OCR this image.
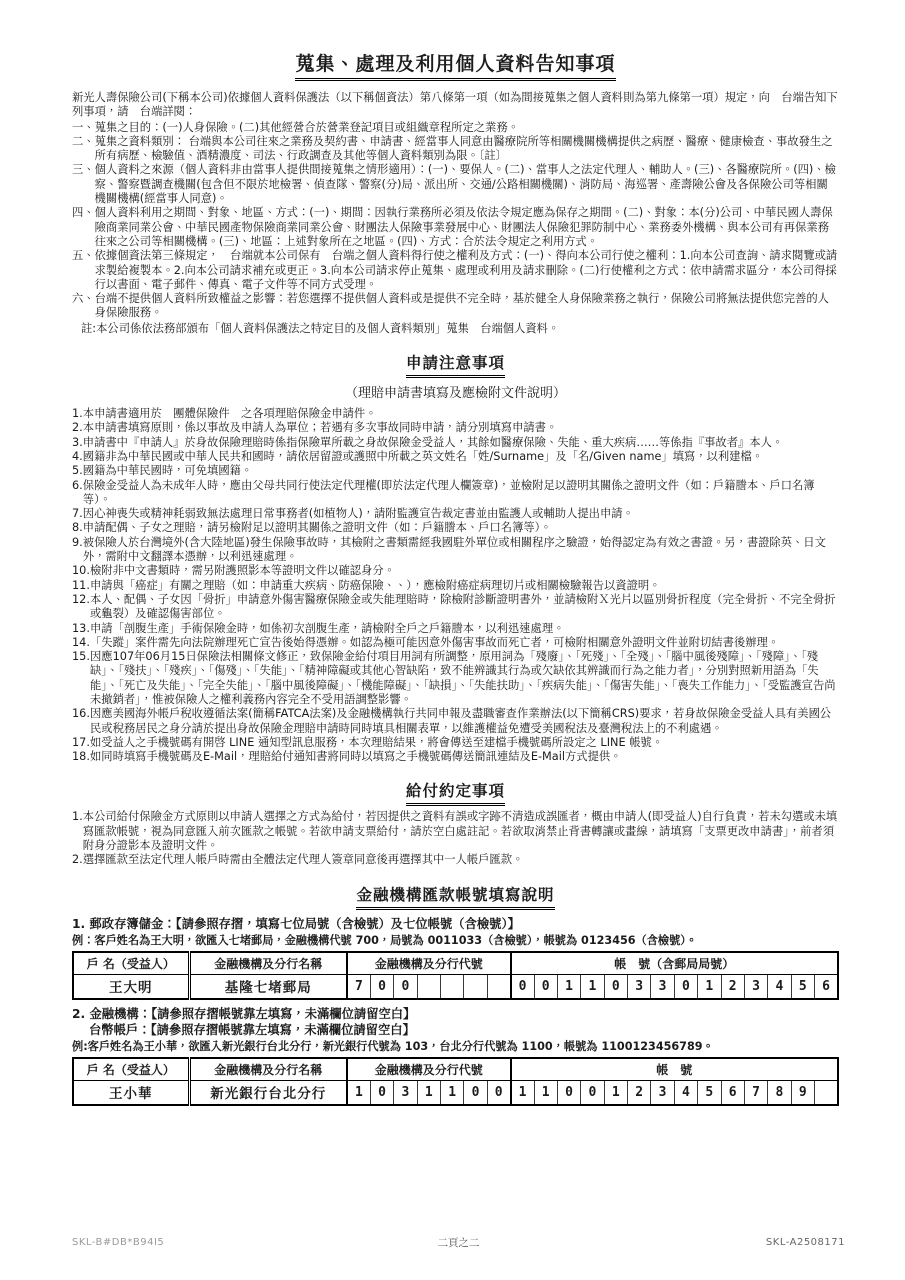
蒐集、處理及利用個人資料告知事項

新光人壽保險公司(下稱本公司)依據個人資料保護法（以下稱個資法）第八條第一項（如為間接蒐集之個人資料則為第九條第一項）規定，向　台端告知下列事項，請　台端詳閱：

一、 蒐集之目的：(一)人身保險。(二)其他經營合於營業登記項目或組織章程所定之業務。
二、 蒐集之資料類別： 台端與本公司往來之業務及契約書、申請書、經當事人同意由醫療院所等相關機關機構提供之病歷、醫療、健康檢查、事故發生之所有病歷、檢驗值、酒精濃度、司法、行政調查及其他等個人資料類別為限。〔註〕
三、 個人資料之來源（個人資料非由當事人提供間接蒐集之情形適用）：(一)、要保人。(二)、當事人之法定代理人、輔助人。(三)、各醫療院所。(四)、檢察、警察暨調查機關(包含但不限於地檢署、偵查隊、警察(分)局、派出所、交通/公路相關機關)、消防局、海巡署、產壽險公會及各保險公司等相關機關機構(經當事人同意)。
四、 個人資料利用之期間、對象、地區、方式：(一)、期間：因執行業務所必須及依法令規定應為保存之期間。(二)、對象：本(分)公司、中華民國人壽保險商業同業公會、中華民國產物保險商業同業公會、財團法人保險事業發展中心、財團法人保險犯罪防制中心、業務委外機構、與本公司有再保業務往來之公司等相關機構。(三)、地區：上述對象所在之地區。(四)、方式：合於法令規定之利用方式。
五、 依據個資法第三條規定，　台端就本公司保有　台端之個人資料得行使之權利及方式：(一)、得向本公司行使之權利：1.向本公司查詢、請求閱覽或請求製給複製本。2.向本公司請求補充或更正。3.向本公司請求停止蒐集、處理或利用及請求刪除。(二)行使權利之方式：依申請需求區分，本公司得採行以書面、電子郵件、傳真、電子文件等不同方式受理。
六、 台端不提供個人資料所致權益之影響：若您選擇不提供個人資料或是提供不完全時，基於健全人身保險業務之執行，保險公司將無法提供您完善的人身保險服務。

註:本公司係依法務部頒布「個人資料保護法之特定目的及個人資料類別」蒐集　台端個人資料。

申請注意事項

（理賠申請書填寫及應檢附文件說明）

1. 本申請書適用於　團體保險件　之各項理賠保險金申請件。
2. 本申請書填寫原則，係以事故及申請人為單位；若遇有多次事故同時申請，請分別填寫申請書。
3. 申請書中『申請人』於身故保險理賠時係指保險單所載之身故保險金受益人，其餘如醫療保險、失能、重大疾病……等係指『事故者』本人。
4. 國籍非為中華民國或中華人民共和國時，請依居留證或護照中所載之英文姓名「姓/Surname」及「名/Given name」填寫，以利建檔。
5. 國籍為中華民國時，可免填國籍。
6. 保險金受益人為未成年人時，應由父母共同行使法定代理權(即於法定代理人欄簽章)，並檢附足以證明其關係之證明文件（如：戶籍謄本、戶口名簿等）。
7. 因心神喪失或精神耗弱致無法處理日常事務者(如植物人)，請附監護宣告裁定書並由監護人或輔助人提出申請。
8. 申請配偶、子女之理賠，請另檢附足以證明其關係之證明文件（如：戶籍謄本、戶口名簿等）。
9. 被保險人於台灣境外(含大陸地區)發生保險事故時，其檢附之書類需經我國駐外單位或相關程序之驗證，始得認定為有效之書證。另，書證除英、日文外，需附中文翻譯本憑辦，以利迅速處理。
10. 檢附非中文書類時，需另附護照影本等證明文件以確認身分。
11. 申請與「癌症」有關之理賠（如：申請重大疾病、防癌保險、、），應檢附癌症病理切片或相關檢驗報告以資證明。
12. 本人、配偶、子女因「骨折」申請意外傷害醫療保險金或失能理賠時，除檢附診斷證明書外，並請檢附Ｘ光片以區別骨折程度（完全骨折、不完全骨折或龜裂）及確認傷害部位。
13. 申請「剖腹生產」手術保險金時，如係初次剖腹生產，請檢附全戶之戶籍謄本，以利迅速處理。
14. 「失蹤」案件需先向法院辦理死亡宣告後始得憑辦。如認為極可能因意外傷害事故而死亡者，可檢附相關意外證明文件並附切結書後辦理。
15. 因應107年06月15日保險法相關條文修正，致保險金給付項目用詞有所調整，原用詞為「殘廢」、「死殘」、「全殘」、「腦中風後殘障」、「殘障」、「殘缺」、「殘扶」、「殘疾」、「傷殘」、「失能」、「精神障礙或其他心智缺陷，致不能辨識其行為或欠缺依其辨識而行為之能力者」，分別對照新用語為「失能」、「死亡及失能」、「完全失能」、「腦中風後障礙」、「機能障礙」、「缺損」、「失能扶助」、「疾病失能」、「傷害失能」、「喪失工作能力」、「受監護宣告尚未撤銷者」，惟被保險人之權利義務內容完全不受用語調整影響。
16. 因應美國海外帳戶稅收遵循法案(簡稱FATCA法案)及金融機構執行共同申報及盡職審查作業辦法(以下簡稱CRS)要求，若身故保險金受益人具有美國公民或稅務居民之身分請於提出身故保險金理賠申請時同時填具相關表單，以維護權益免遭受美國稅法及臺灣稅法上的不利處遇。
17. 如受益人之手機號碼有開啓 LINE 通知型訊息服務，本次理賠結果，將會傳送至建檔手機號碼所設定之 LINE 帳號。
18. 如同時填寫手機號碼及E-Mail，理賠給付通知書將同時以填寫之手機號碼傳送簡訊連結及E-Mail方式提供。
給付約定事項
1. 本公司給付保險金方式原則以申請人選擇之方式為給付，若因提供之資料有誤或字跡不清造成誤匯者，概由申請人(即受益人)自行負責，若未勾選或未填寫匯款帳號，視為同意匯入前次匯款之帳號。若欲申請支票給付，請於空白處註記。若欲取消禁止背書轉讓或畫線，請填寫「支票更改申請書」，前者須附身分證影本及證明文件。
2. 選擇匯款至法定代理人帳戶時需由全體法定代理人簽章同意後再選擇其中一人帳戶匯款。
金融機構匯款帳號填寫說明

1. 郵政存簿儲金：【請參照存摺，填寫七位局號（含檢號）及七位帳號（含檢號）】

例：客戶姓名為王大明，欲匯入七堵郵局，金融機構代號 700，局號為 0011033（含檢號），帳號為 0123456（含檢號）。

戶 名（受益人）	金融機構及分行名稱	金融機構及分行代號							帳　號（含郵局局號）													
王大明	基隆七堵郵局	7	0	0					0	0	1	1	0	3	3	0	1	2	3	4	5	6

2. 金融機構：【請參照存摺帳號靠左填寫，未滿欄位請留空白】

台幣帳戶：【請參照存摺帳號靠左填寫，未滿欄位請留空白】

例:客戶姓名為王小華，欲匯入新光銀行台北分行，新光銀行代號為 103，台北分行代號為 1100，帳號為 1100123456789。

戶 名（受益人）	金融機構及分行名稱	金融機構及分行代號							帳　號													
王小華	新光銀行台北分行	1	0	3	1	1	0	0	1	1	0	0	1	2	3	4	5	6	7	8	9	
SKL-B#DB*B94I5	二頁之二	SKL-A2508171
